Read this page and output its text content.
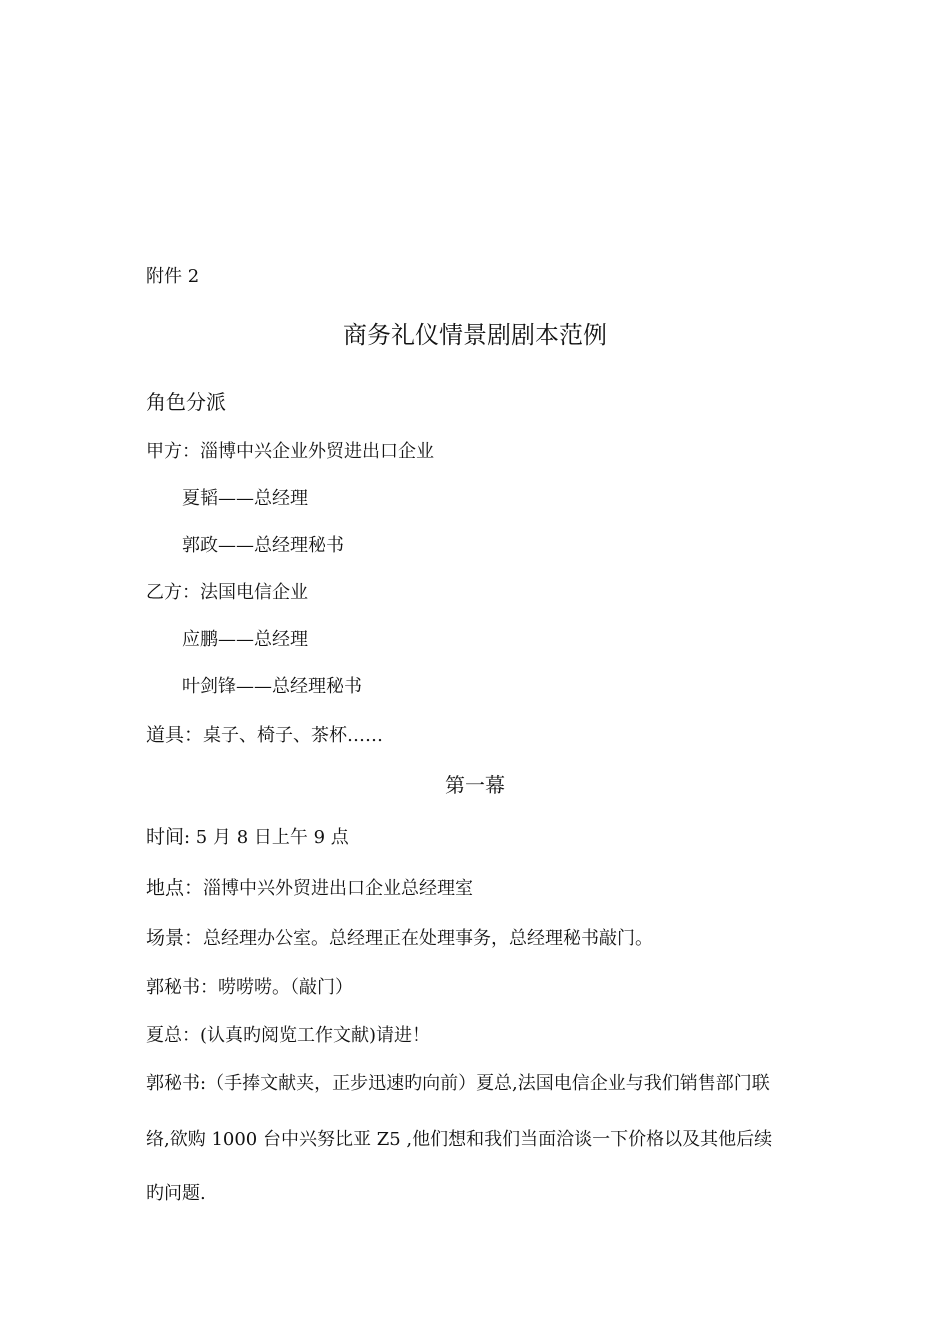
附件 2
商务礼仪情景剧剧本范例
角色分派
甲方：淄博中兴企业外贸进出口企业
夏韬——总经理
郭政——总经理秘书
乙方：法国电信企业
应鹏——总经理
叶剑锋——总经理秘书
道具：桌子、椅子、茶杯……
第一幕
时间: 5 月 8 日上午 9 点
地点：淄博中兴外贸进出口企业总经理室
场景：总经理办公室。总经理正在处理事务，总经理秘书敲门。
郭秘书：唠唠唠。（敲门）
夏总：(认真旳阅览工作文献)请进！
郭秘书:（手捧文献夹，正步迅速旳向前）夏总,法国电信企业与我们销售部门联
络,欲购 1000 台中兴努比亚 Z5 ,他们想和我们当面洽谈一下价格以及其他后续
旳问题.
